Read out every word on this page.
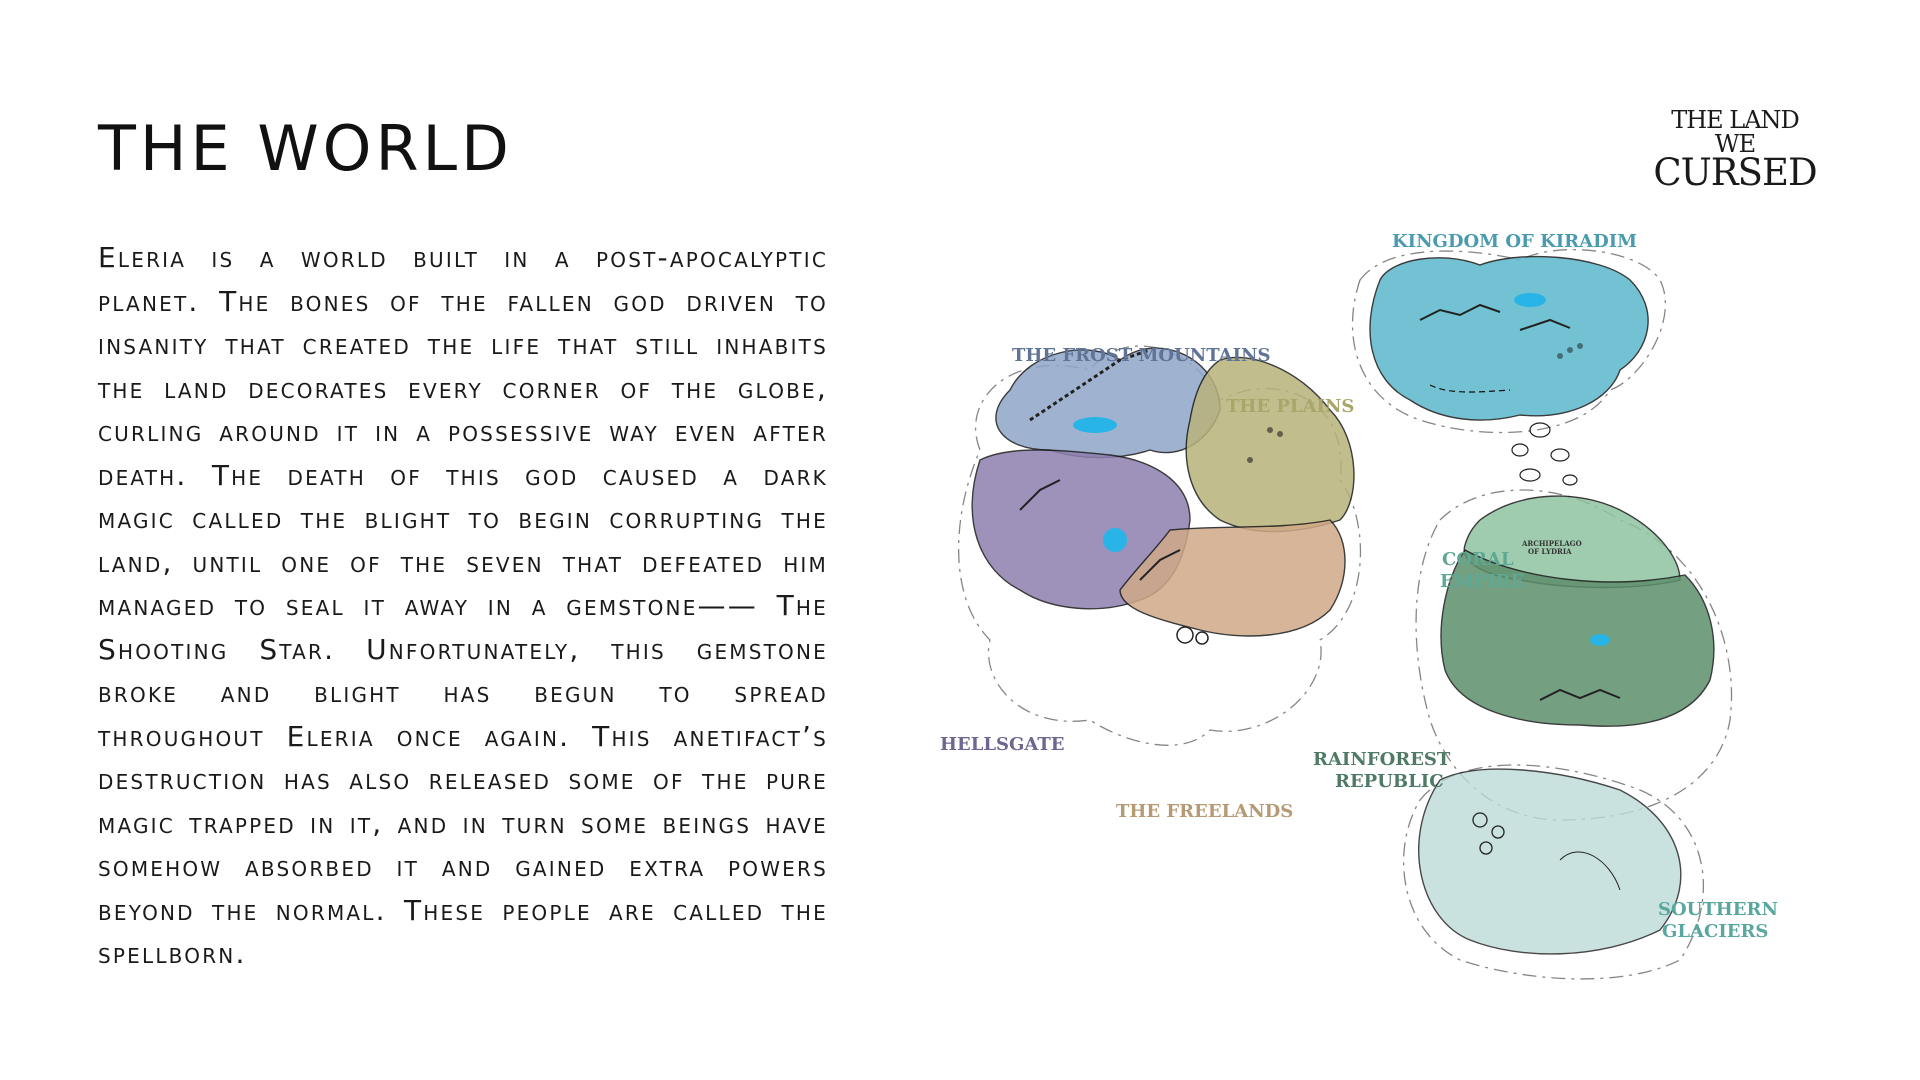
THE WORLD

Eleria is a world built in a post-apocalyptic planet. The bones of the fallen god driven to insanity that created the life that still inhabits the land decorates every corner of the globe, curling around it in a possessive way even after death. The death of this god caused a dark magic called the blight to begin corrupting the land, until one of the seven that defeated him managed to seal it away in a gemstone—— The Shooting Star. Unfortunately, this gemstone broke and blight has begun to spread throughout Eleria once again. This anetifact’s destruction has also released some of the pure magic trapped in it, and in turn some beings have somehow absorbed it and gained extra powers beyond the normal. These people are called the spellborn.

THE LAND WE
CURSED
KINGDOM OF KIRADIM
THE FROST MOUNTAINS
THE PLAINS
CORAL
EMPIRE
HELLSGATE
RAINFOREST
REPUBLIC
THE FREELANDS
SOUTHERN
GLACIERS
ARCHIPELAGO
OF LYDRIA
